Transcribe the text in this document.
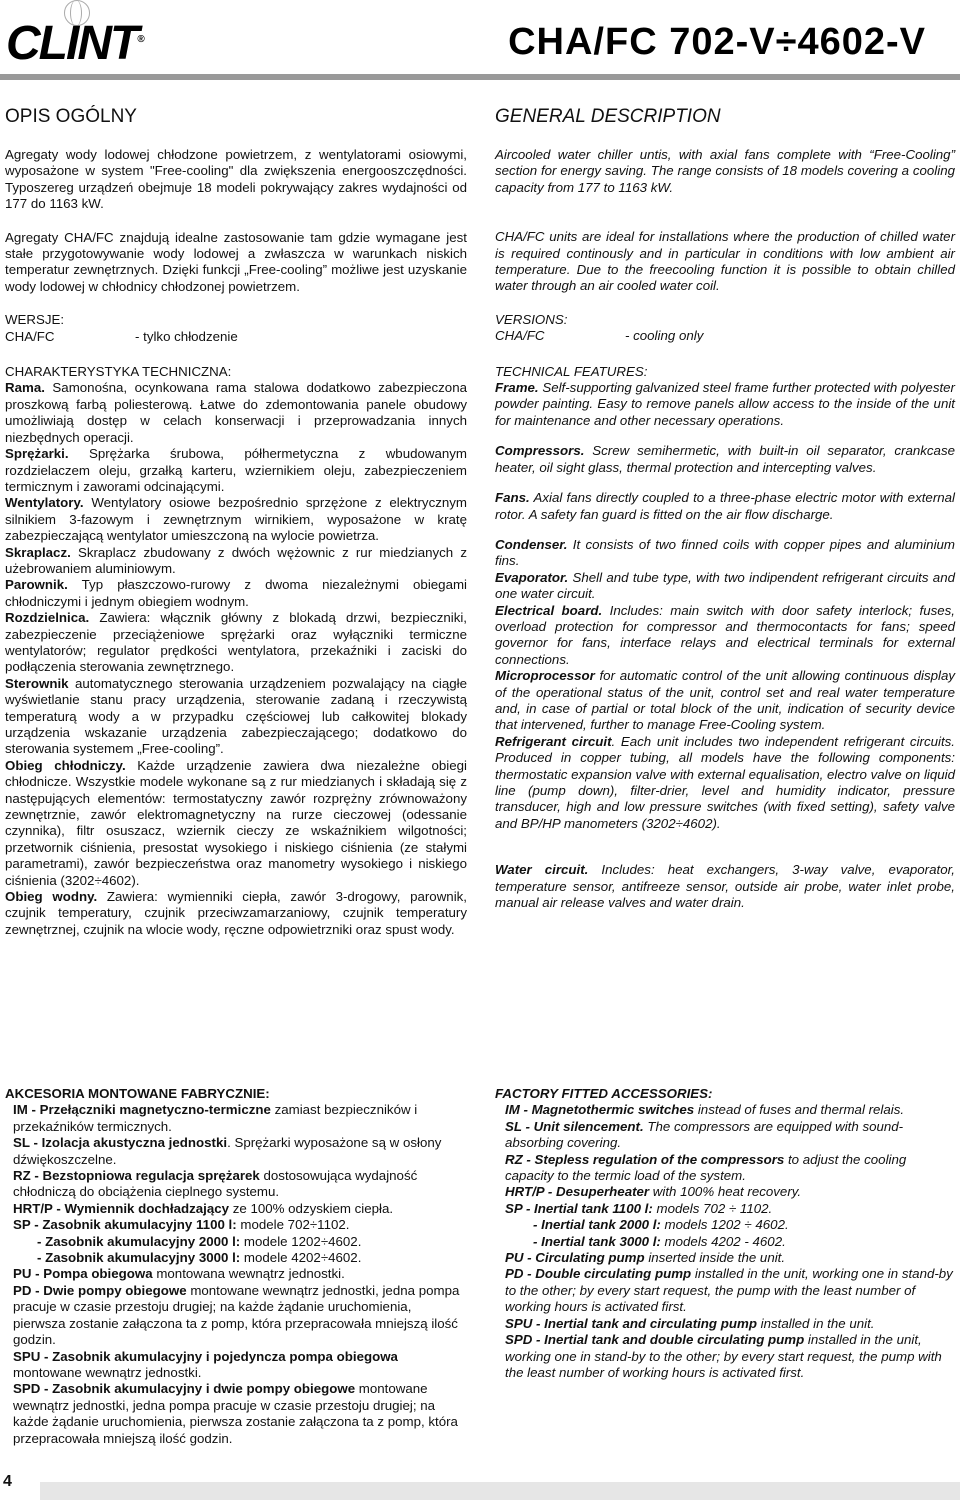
CLINT®	CHA/FC 702-V÷4602-V
OPIS OGÓLNY

Agregaty wody lodowej chłodzone powietrzem, z wentylatorami osiowymi, wyposażone w system "Free-cooling" dla zwiększenia energooszczędności. Typoszereg urządzeń obejmuje 18 modeli pokrywający zakres wydajności od 177 do 1163 kW.

Agregaty CHA/FC znajdują idealne zastosowanie tam gdzie wymagane jest stałe przygotowywanie wody lodowej a zwłaszcza w warunkach niskich temperatur zewnętrznych. Dzięki funkcji „Free-cooling” możliwe jest uzyskanie wody lodowej w chłodnicy chłodzonej powietrzem.

WERSJE:
CHA/FC	- tylko chłodzenie
CHARAKTERYSTYKA TECHNICZNA:

Rama. Samonośna, ocynkowana rama stalowa dodatkowo zabezpieczona proszkową farbą poliesterową. Łatwe do zdemontowania panele obudowy umożliwiają dostęp w celach konserwacji i przeprowadzania innych niezbędnych operacji.

Sprężarki. Sprężarka śrubowa, półhermetyczna z wbudowanym rozdzielaczem oleju, grzałką karteru, wziernikiem oleju, zabezpieczeniem termicznym i zaworami odcinającymi.

Wentylatory. Wentylatory osiowe bezpośrednio sprzężone z elektrycznym silnikiem 3-fazowym i zewnętrznym wirnikiem, wyposażone w kratę zabezpieczającą wentylator umieszczoną na wylocie powietrza.

Skraplacz. Skraplacz zbudowany z dwóch wężownic z rur miedzianych z użebrowaniem aluminiowym.

Parownik. Typ płaszczowo-rurowy z dwoma niezależnymi obiegami chłodniczymi i jednym obiegiem wodnym.

Rozdzielnica. Zawiera: włącznik główny z blokadą drzwi, bezpieczniki, zabezpieczenie przeciążeniowe sprężarki oraz wyłączniki termiczne wentylatorów; regulator prędkości wentylatora, przekaźniki i zaciski do podłączenia sterowania zewnętrznego.

Sterownik automatycznego sterowania urządzeniem pozwalający na ciągłe wyświetlanie stanu pracy urządzenia, sterowanie zadaną i rzeczywistą temperaturą wody a w przypadku częściowej lub całkowitej blokady urządzenia wskazanie urządzenia zabezpieczającego; dodatkowo do sterowania systemem „Free-cooling”.

Obieg chłodniczy. Każde urządzenie zawiera dwa niezależne obiegi chłodnicze. Wszystkie modele wykonane są z rur miedzianych i składają się z następujących elementów: termostatyczny zawór rozprężny zrównoważony zewnętrznie, zawór elektromagnetyczny na rurze cieczowej (odessanie czynnika), filtr osuszacz, wziernik cieczy ze wskaźnikiem wilgotności; przetwornik ciśnienia, presostat wysokiego i niskiego ciśnienia (ze stałymi parametrami), zawór bezpieczeństwa oraz manometry wysokiego i niskiego ciśnienia (3202÷4602).

Obieg wodny. Zawiera: wymienniki ciepła, zawór 3-drogowy, parownik, czujnik temperatury, czujnik przeciwzamarzaniowy, czujnik temperatury zewnętrznej, czujnik na wlocie wody, ręczne odpowietrzniki oraz spust wody.

GENERAL DESCRIPTION

Aircooled water chiller untis, with axial fans complete with “Free-Cooling” section for energy saving. The range consists of 18 models covering a cooling capacity from 177 to 1163 kW.

CHA/FC units are ideal for installations where the production of chilled water is required continously and in particular in conditions with low ambient air temperature. Due to the freecooling function it is possible to obtain chilled water through an air cooled water coil.

VERSIONS:
CHA/FC	- cooling only
TECHNICAL FEATURES:

Frame. Self-supporting galvanized steel frame further protected with polyester powder painting. Easy to remove panels allow access to the inside of the unit for maintenance and other necessary operations.

Compressors. Screw semihermetic, with built-in oil separator, crankcase heater, oil sight glass, thermal protection and intercepting valves.

Fans. Axial fans directly coupled to a three-phase electric motor with external rotor. A safety fan guard is fitted on the air flow discharge.

Condenser. It consists of two finned coils with copper pipes and aluminium fins.

Evaporator. Shell and tube type, with two indipendent refrigerant circuits and one water circuit.

Electrical board. Includes: main switch with door safety interlock; fuses, overload protection for compressor and thermocontacts for fans; speed governor for fans, interface relays and electrical terminals for external connections.

Microprocessor for automatic control of the unit allowing continuous display of the operational status of the unit, control set and real water temperature and, in case of partial or total block of the unit, indication of security device that intervened, further to manage Free-Cooling system.

Refrigerant circuit. Each unit includes two independent refrigerant circuits. Produced in copper tubing, all models have the following components: thermostatic expansion valve with external equalisation, electro valve on liquid line (pump down), filter-drier, level and humidity indicator, pressure transducer, high and low pressure switches (with fixed setting), safety valve and BP/HP manometers (3202÷4602).

Water circuit. Includes: heat exchangers, 3-way valve, evaporator, temperature sensor, antifreeze sensor, outside air probe, water inlet probe, manual air release valves and water drain.

AKCESORIA MONTOWANE FABRYCZNIE:

IM - Przełączniki magnetyczno-termiczne zamiast bezpieczników i przekaźników termicznych.

SL - Izolacja akustyczna jednostki. Sprężarki wyposażone są w osłony dźwiękoszczelne.

RZ - Bezstopniowa regulacja sprężarek dostosowująca wydajność chłodniczą do obciążenia cieplnego systemu.

HRT/P - Wymiennik dochładzający ze 100% odzyskiem ciepła.

SP - Zasobnik akumulacyjny 1100 l: modele 702÷1102.

- Zasobnik akumulacyjny 2000 l: modele 1202÷4602.

- Zasobnik akumulacyjny 3000 l: modele 4202÷4602.

PU - Pompa obiegowa montowana wewnątrz jednostki.

PD - Dwie pompy obiegowe montowane wewnątrz jednostki, jedna pompa pracuje w czasie przestoju drugiej; na każde żądanie uruchomienia, pierwsza zostanie załączona ta z pomp, która przepracowała mniejszą ilość godzin.

SPU - Zasobnik akumulacyjny i pojedyncza pompa obiegowa montowane wewnątrz jednostki.

SPD - Zasobnik akumulacyjny i dwie pompy obiegowe montowane wewnątrz jednostki, jedna pompa pracuje w czasie przestoju drugiej; na każde żądanie uruchomienia, pierwsza zostanie załączona ta z pomp, która przepracowała mniejszą ilość godzin.

FACTORY FITTED ACCESSORIES:

IM - Magnetothermic switches instead of fuses and thermal relais.

SL - Unit silencement. The compressors are equipped with sound-absorbing covering.

RZ - Stepless regulation of the compressors to adjust the cooling capacity to the termic load of the system.

HRT/P - Desuperheater with 100% heat recovery.

SP - Inertial tank 1100 l: models 702 ÷ 1102.

- Inertial tank 2000 l: models 1202 ÷ 4602.

- Inertial tank 3000 l: models 4202 - 4602.

PU - Circulating pump inserted inside the unit.

PD - Double circulating pump installed in the unit, working one in stand-by to the other; by every start request, the pump with the least number of working hours is activated first.

SPU - Inertial tank and circulating pump installed in the unit.

SPD - Inertial tank and double circulating pump installed in the unit, working one in stand-by to the other; by every start request, the pump with the least number of working hours is activated first.

4
